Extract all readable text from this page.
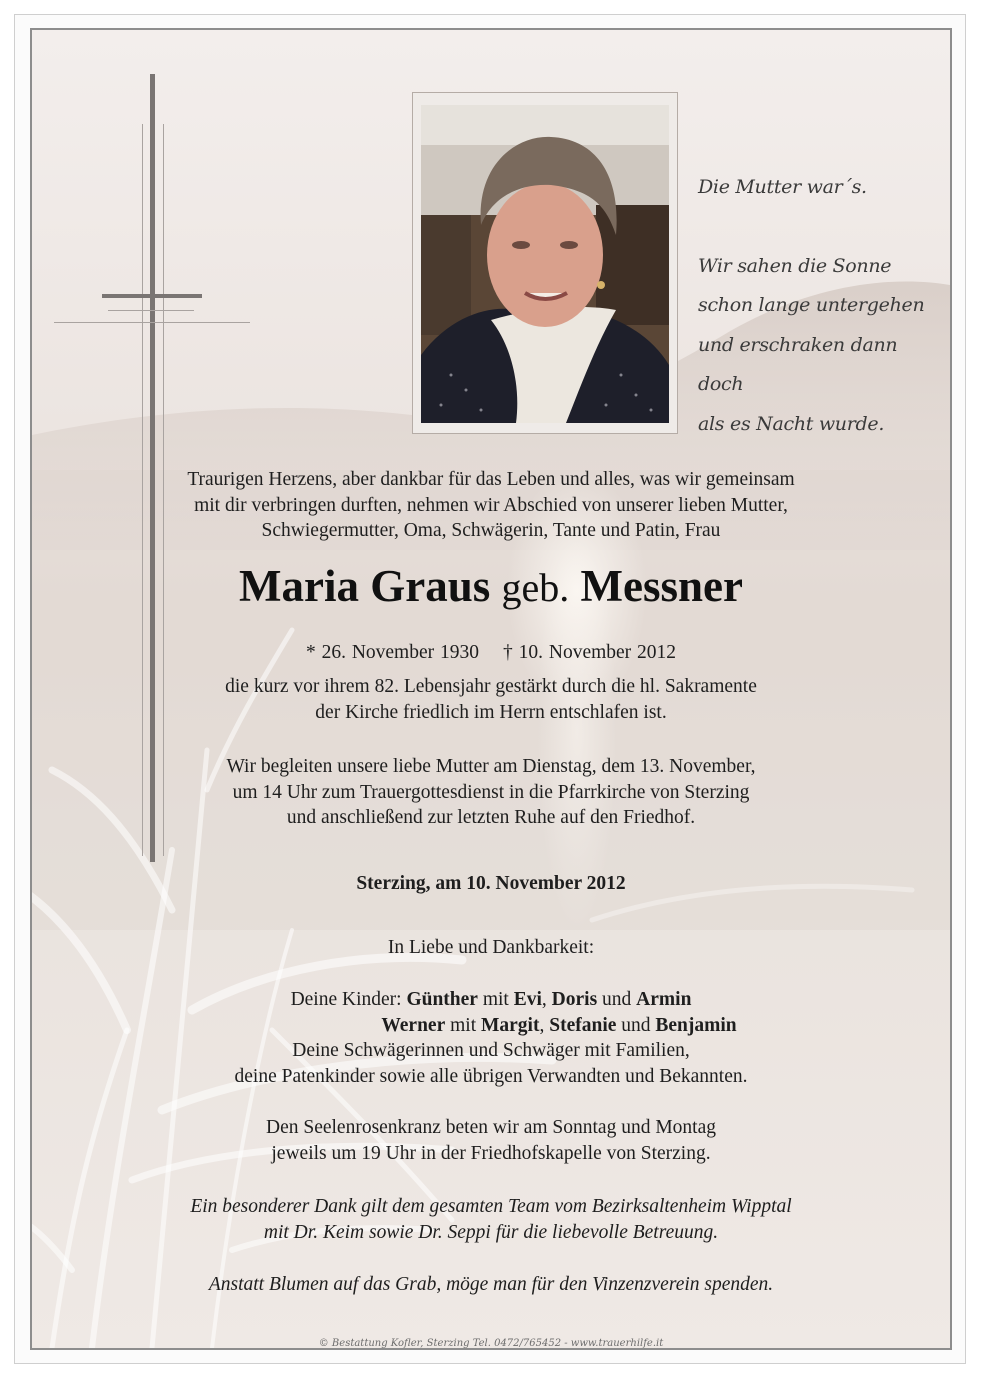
Die Mutter war´s.
Wir sahen die Sonne
schon lange untergehen
und erschraken dann doch
als es Nacht wurde.
Traurigen Herzens, aber dankbar für das Leben und alles, was wir gemeinsam
mit dir verbringen durften, nehmen wir Abschied von unserer lieben Mutter,
Schwiegermutter, Oma, Schwägerin, Tante und Patin, Frau
Maria Graus geb. Messner
* 26. November 1930 † 10. November 2012
die kurz vor ihrem 82. Lebensjahr gestärkt durch die hl. Sakramente
der Kirche friedlich im Herrn entschlafen ist.
Wir begleiten unsere liebe Mutter am Dienstag, dem 13. November,
um 14 Uhr zum Trauergottesdienst in die Pfarrkirche von Sterzing
und anschließend zur letzten Ruhe auf den Friedhof.
Sterzing, am 10. November 2012
In Liebe und Dankbarkeit:
Deine Kinder: Günther mit Evi, Doris und Armin
Werner mit Margit, Stefanie und Benjamin
Deine Schwägerinnen und Schwäger mit Familien,
deine Patenkinder sowie alle übrigen Verwandten und Bekannten.
Den Seelenrosenkranz beten wir am Sonntag und Montag
jeweils um 19 Uhr in der Friedhofskapelle von Sterzing.
Ein besonderer Dank gilt dem gesamten Team vom Bezirksaltenheim Wipptal
mit Dr. Keim sowie Dr. Seppi für die liebevolle Betreuung.
Anstatt Blumen auf das Grab, möge man für den Vinzenzverein spenden.
© Bestattung Kofler, Sterzing Tel. 0472/765452 - www.trauerhilfe.it
